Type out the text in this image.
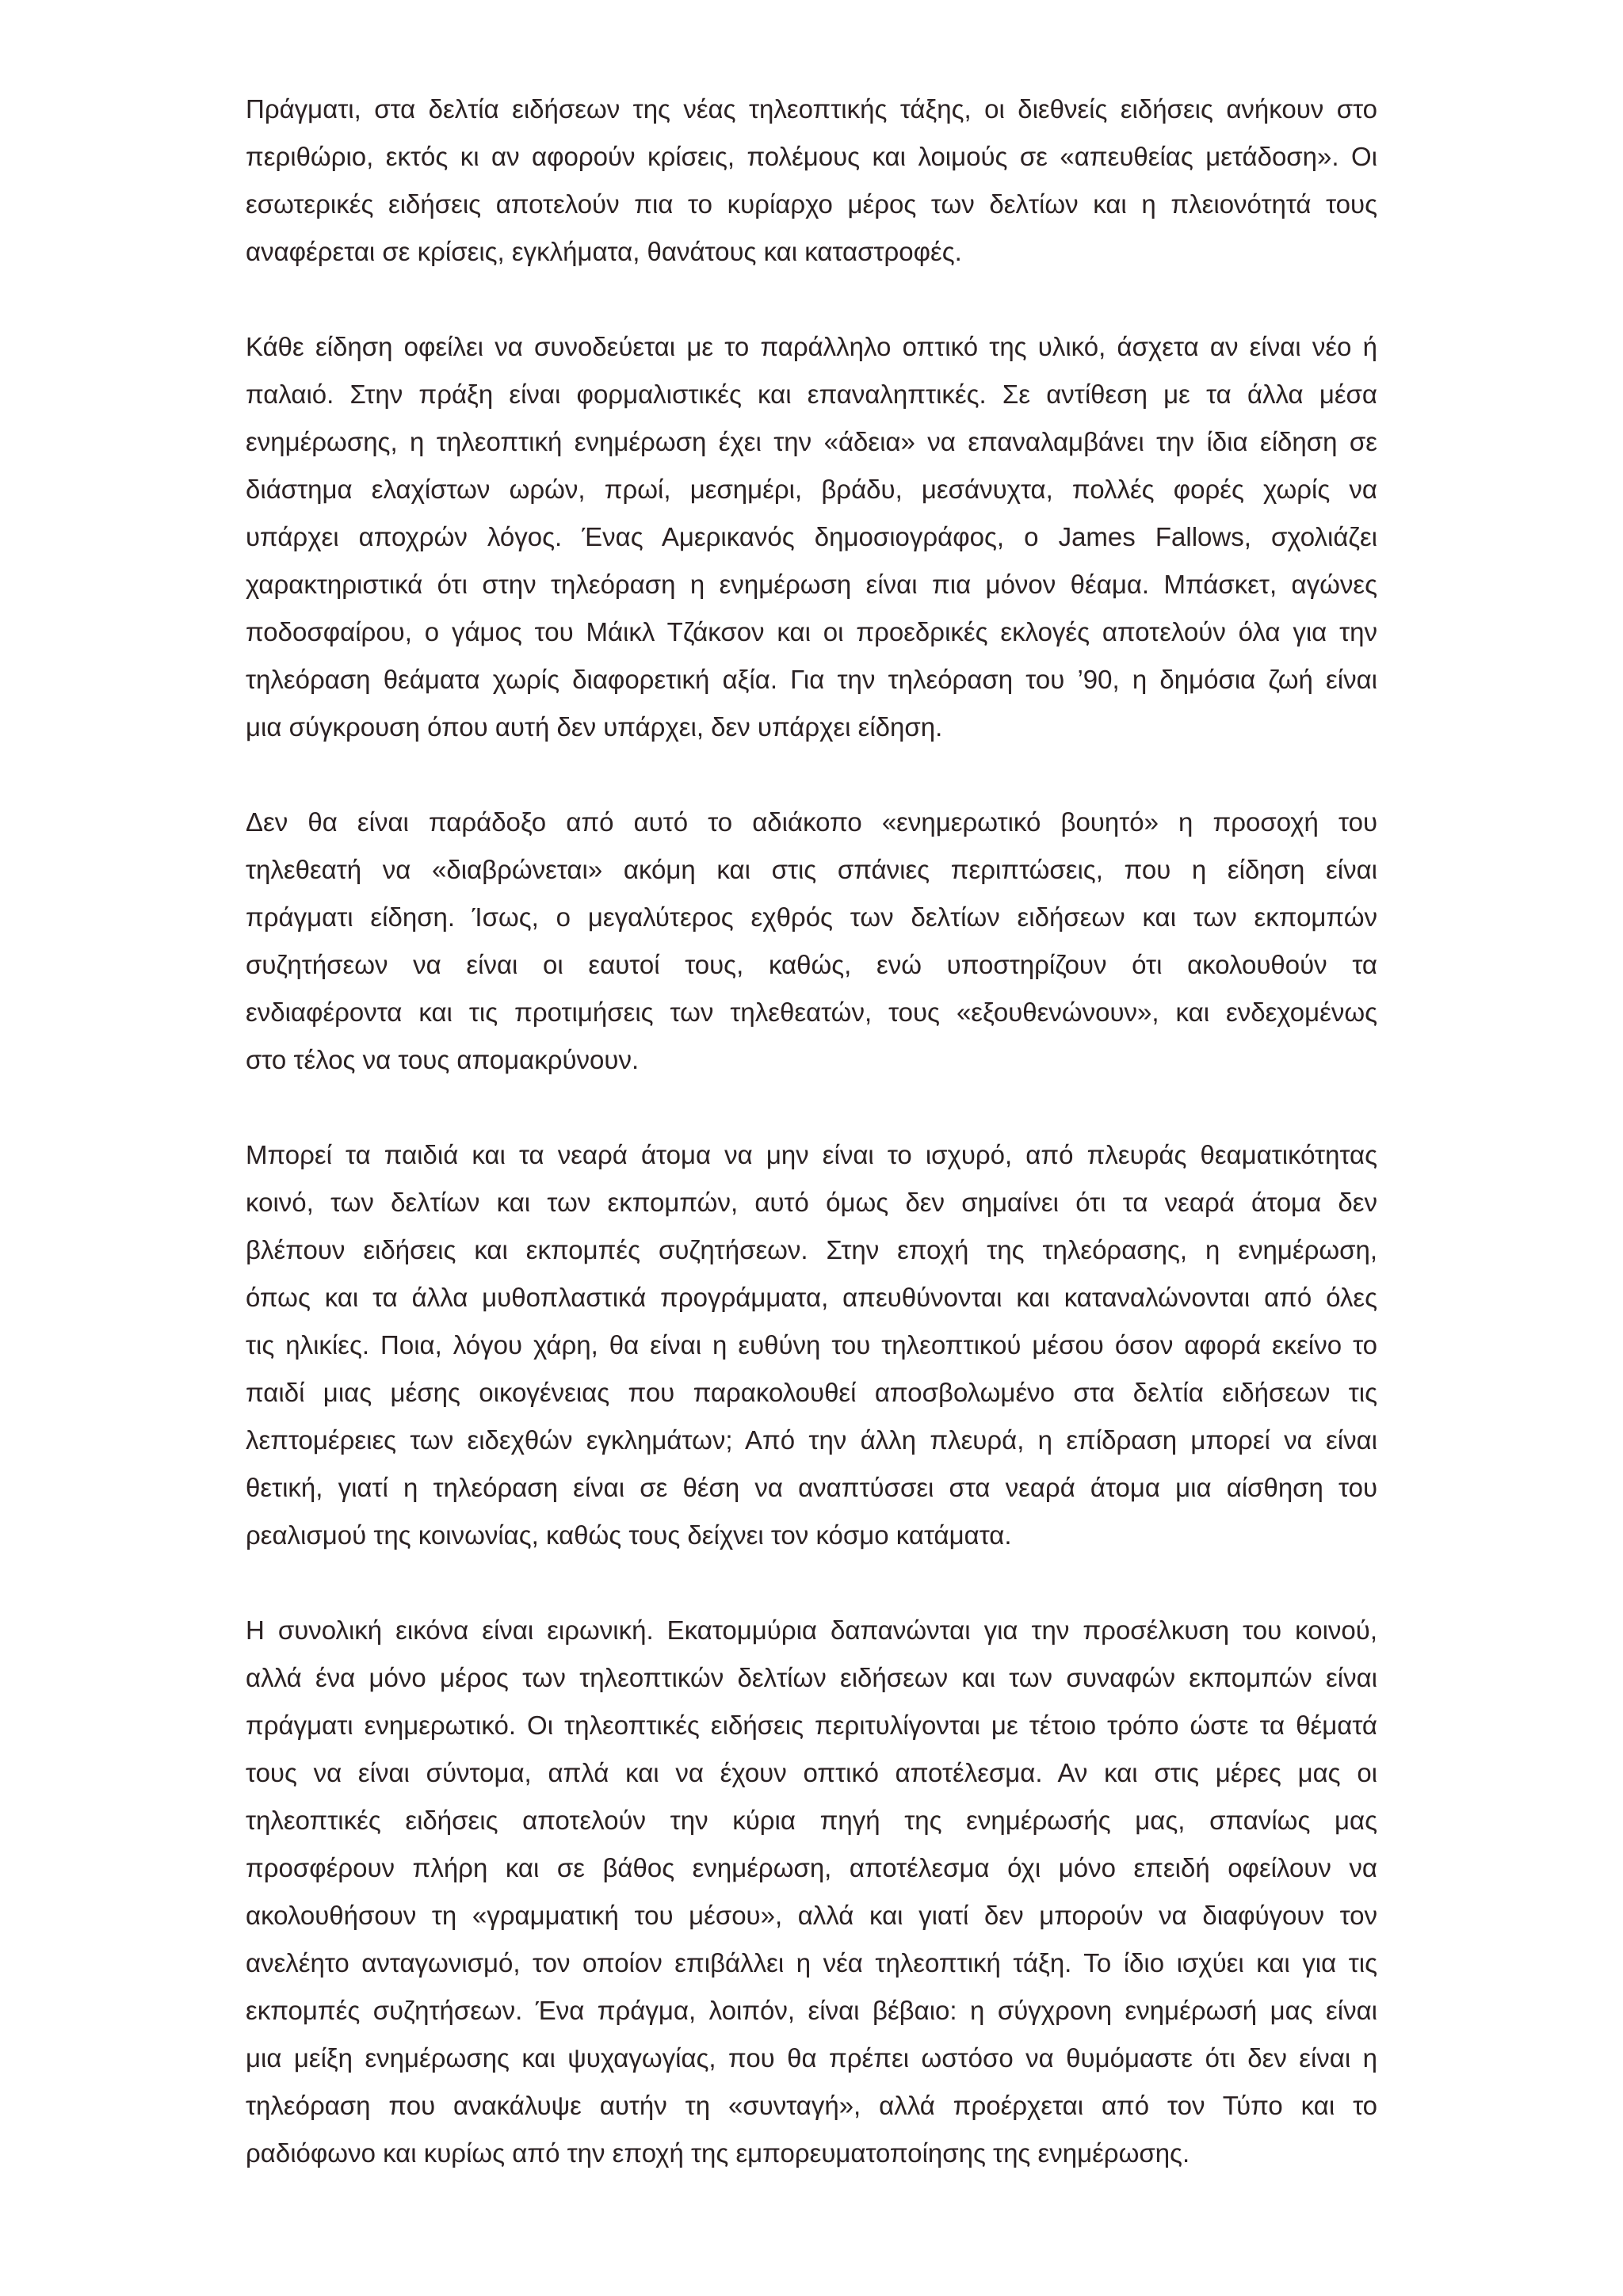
Πράγματι, στα δελτία ειδήσεων της νέας τηλεοπτικής τάξης, οι διεθνείς ειδήσεις ανήκουν στο
περιθώριο, εκτός κι αν αφορούν κρίσεις, πολέμους και λοιμούς σε «απευθείας μετάδοση». Οι
εσωτερικές ειδήσεις αποτελούν πια το κυρίαρχο μέρος των δελτίων και η πλειονότητά τους
αναφέρεται σε κρίσεις, εγκλήματα, θανάτους και καταστροφές.
Κάθε είδηση οφείλει να συνοδεύεται με το παράλληλο οπτικό της υλικό, άσχετα αν είναι νέο ή
παλαιό. Στην πράξη είναι φορμαλιστικές και επαναληπτικές. Σε αντίθεση με τα άλλα μέσα
ενημέρωσης, η τηλεοπτική ενημέρωση έχει την «άδεια» να επαναλαμβάνει την ίδια είδηση σε
διάστημα ελαχίστων ωρών, πρωί, μεσημέρι, βράδυ, μεσάνυχτα, πολλές φορές χωρίς να
υπάρχει αποχρών λόγος. Ένας Αμερικανός δημοσιογράφος, ο James Fallows, σχολιάζει
χαρακτηριστικά ότι στην τηλεόραση η ενημέρωση είναι πια μόνον θέαμα. Μπάσκετ, αγώνες
ποδοσφαίρου, ο γάμος του Μάικλ Τζάκσον και οι προεδρικές εκλογές αποτελούν όλα για την
τηλεόραση θεάματα χωρίς διαφορετική αξία. Για την τηλεόραση του ’90, η δημόσια ζωή είναι
μια σύγκρουση όπου αυτή δεν υπάρχει, δεν υπάρχει είδηση.
Δεν θα είναι παράδοξο από αυτό το αδιάκοπο «ενημερωτικό βουητό» η προσοχή του
τηλεθεατή να «διαβρώνεται» ακόμη και στις σπάνιες περιπτώσεις, που η είδηση είναι
πράγματι είδηση. Ίσως, ο μεγαλύτερος εχθρός των δελτίων ειδήσεων και των εκπομπών
συζητήσεων να είναι οι εαυτοί τους, καθώς, ενώ υποστηρίζουν ότι ακολουθούν τα
ενδιαφέροντα και τις προτιμήσεις των τηλεθεατών, τους «εξουθενώνουν», και ενδεχομένως
στο τέλος να τους απομακρύνουν.
Μπορεί τα παιδιά και τα νεαρά άτομα να μην είναι το ισχυρό, από πλευράς θεαματικότητας
κοινό, των δελτίων και των εκπομπών, αυτό όμως δεν σημαίνει ότι τα νεαρά άτομα δεν
βλέπουν ειδήσεις και εκπομπές συζητήσεων. Στην εποχή της τηλεόρασης, η ενημέρωση,
όπως και τα άλλα μυθοπλαστικά προγράμματα, απευθύνονται και καταναλώνονται από όλες
τις ηλικίες. Ποια, λόγου χάρη, θα είναι η ευθύνη του τηλεοπτικού μέσου όσον αφορά εκείνο το
παιδί μιας μέσης οικογένειας που παρακολουθεί αποσβολωμένο στα δελτία ειδήσεων τις
λεπτομέρειες των ειδεχθών εγκλημάτων; Από την άλλη πλευρά, η επίδραση μπορεί να είναι
θετική, γιατί η τηλεόραση είναι σε θέση να αναπτύσσει στα νεαρά άτομα μια αίσθηση του
ρεαλισμού της κοινωνίας, καθώς τους δείχνει τον κόσμο κατάματα.
Η συνολική εικόνα είναι ειρωνική. Εκατομμύρια δαπανώνται για την προσέλκυση του κοινού,
αλλά ένα μόνο μέρος των τηλεοπτικών δελτίων ειδήσεων και των συναφών εκπομπών είναι
πράγματι ενημερωτικό. Οι τηλεοπτικές ειδήσεις περιτυλίγονται με τέτοιο τρόπο ώστε τα θέματά
τους να είναι σύντομα, απλά και να έχουν οπτικό αποτέλεσμα. Αν και στις μέρες μας οι
τηλεοπτικές ειδήσεις αποτελούν την κύρια πηγή της ενημέρωσής μας, σπανίως μας
προσφέρουν πλήρη και σε βάθος ενημέρωση, αποτέλεσμα όχι μόνο επειδή οφείλουν να
ακολουθήσουν τη «γραμματική του μέσου», αλλά και γιατί δεν μπορούν να διαφύγουν τον
ανελέητο ανταγωνισμό, τον οποίον επιβάλλει η νέα τηλεοπτική τάξη. Το ίδιο ισχύει και για τις
εκπομπές συζητήσεων. Ένα πράγμα, λοιπόν, είναι βέβαιο: η σύγχρονη ενημέρωσή μας είναι
μια μείξη ενημέρωσης και ψυχαγωγίας, που θα πρέπει ωστόσο να θυμόμαστε ότι δεν είναι η
τηλεόραση που ανακάλυψε αυτήν τη «συνταγή», αλλά προέρχεται από τον Τύπο και το
ραδιόφωνο και κυρίως από την εποχή της εμπορευματοποίησης της ενημέρωσης.
